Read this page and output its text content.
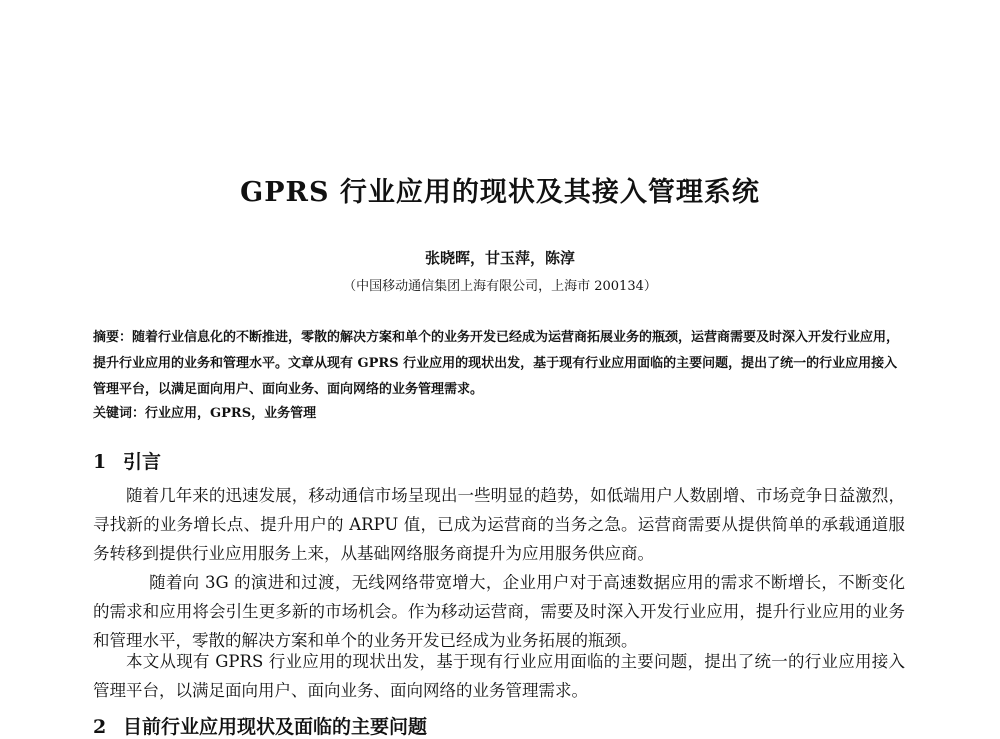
GPRS 行业应用的现状及其接入管理系统
张晓晖，甘玉萍，陈淳
（中国移动通信集团上海有限公司，上海市 200134）
摘要：随着行业信息化的不断推进，零散的解决方案和单个的业务开发已经成为运营商拓展业务的瓶颈，运营商需要及时深入开发行业应用，提升行业应用的业务和管理水平。文章从现有 GPRS 行业应用的现状出发，基于现有行业应用面临的主要问题，提出了统一的行业应用接入管理平台，以满足面向用户、面向业务、面向网络的业务管理需求。
关键词：行业应用，GPRS，业务管理
1 引言
随着几年来的迅速发展，移动通信市场呈现出一些明显的趋势，如低端用户人数剧增、市场竞争日益激烈，寻找新的业务增长点、提升用户的 ARPU 值，已成为运营商的当务之急。运营商需要从提供简单的承载通道服务转移到提供行业应用服务上来，从基础网络服务商提升为应用服务供应商。
随着向 3G 的演进和过渡，无线网络带宽增大，企业用户对于高速数据应用的需求不断增长，不断变化的需求和应用将会引生更多新的市场机会。作为移动运营商，需要及时深入开发行业应用，提升行业应用的业务和管理水平，零散的解决方案和单个的业务开发已经成为业务拓展的瓶颈。
本文从现有 GPRS 行业应用的现状出发，基于现有行业应用面临的主要问题，提出了统一的行业应用接入管理平台，以满足面向用户、面向业务、面向网络的业务管理需求。
2 目前行业应用现状及面临的主要问题
